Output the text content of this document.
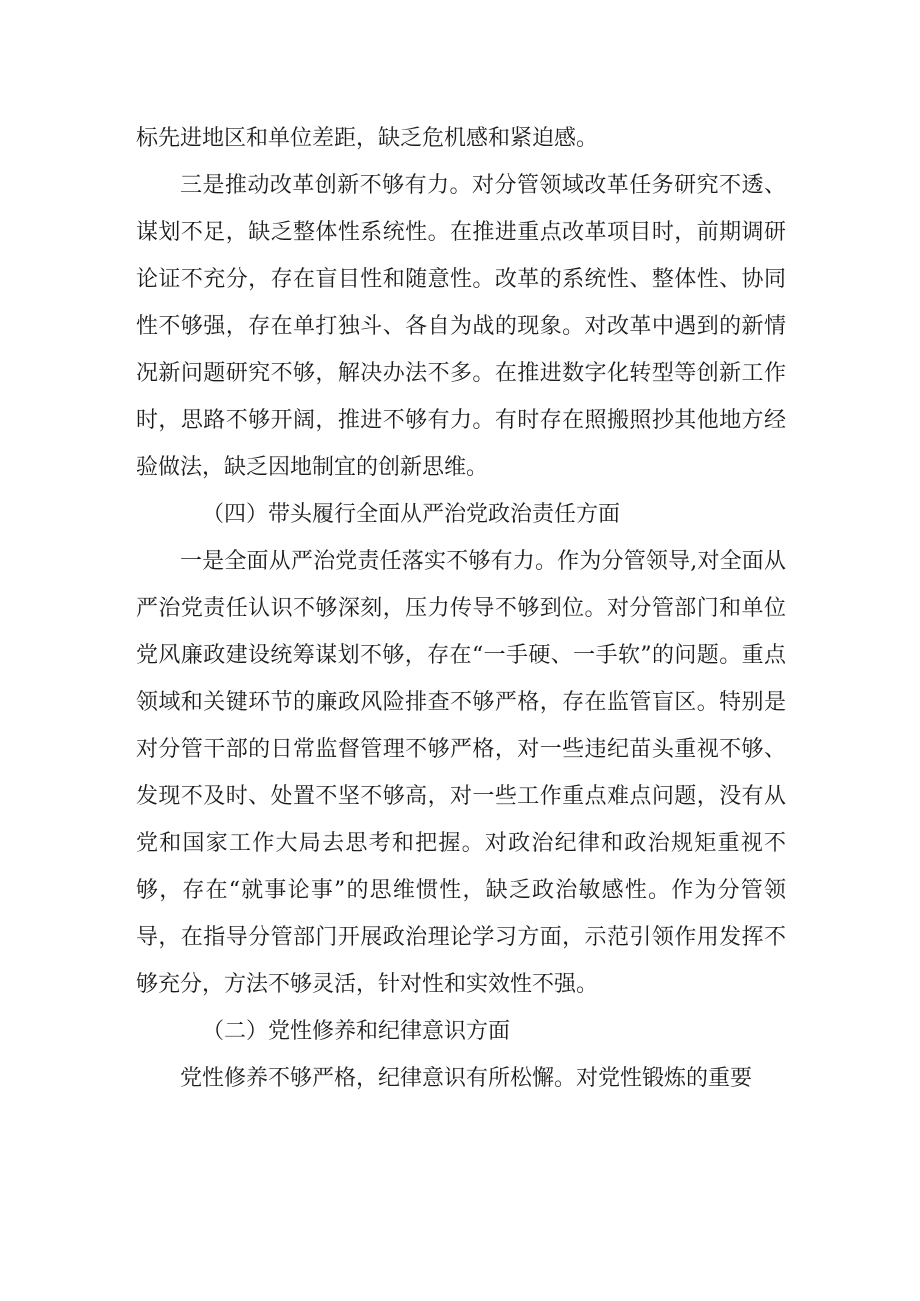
标先进地区和单位差距，缺乏危机感和紧迫感。

三是推动改革创新不够有力。对分管领域改革任务研究不透、谋划不足，缺乏整体性系统性。在推进重点改革项目时，前期调研论证不充分，存在盲目性和随意性。改革的系统性、整体性、协同性不够强，存在单打独斗、各自为战的现象。对改革中遇到的新情况新问题研究不够，解决办法不多。在推进数字化转型等创新工作时，思路不够开阔，推进不够有力。有时存在照搬照抄其他地方经验做法，缺乏因地制宜的创新思维。

（四）带头履行全面从严治党政治责任方面

一是全面从严治党责任落实不够有力。作为分管领导,对全面从严治党责任认识不够深刻，压力传导不够到位。对分管部门和单位党风廉政建设统筹谋划不够，存在“一手硬、一手软”的问题。重点领域和关键环节的廉政风险排查不够严格，存在监管盲区。特别是对分管干部的日常监督管理不够严格，对一些违纪苗头重视不够、发现不及时、处置不坚不够高，对一些工作重点难点问题，没有从党和国家工作大局去思考和把握。对政治纪律和政治规矩重视不够，存在“就事论事”的思维惯性，缺乏政治敏感性。作为分管领导，在指导分管部门开展政治理论学习方面，示范引领作用发挥不够充分，方法不够灵活，针对性和实效性不强。

（二）党性修养和纪律意识方面

党性修养不够严格，纪律意识有所松懈。对党性锻炼的重要
